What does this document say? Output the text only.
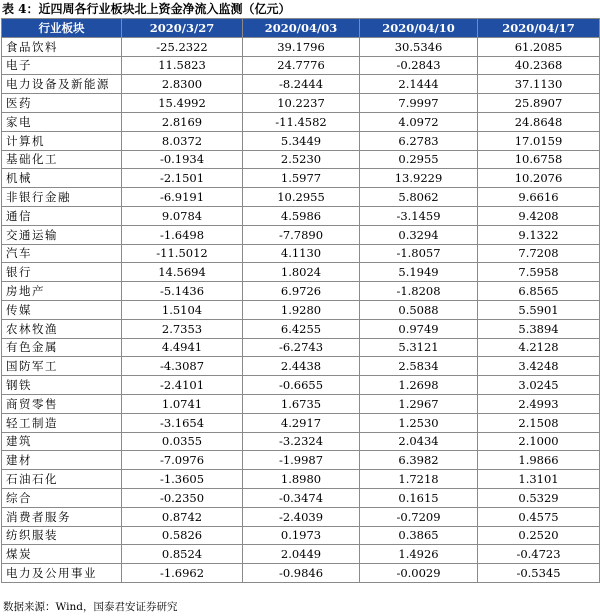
表 4：近四周各行业板块北上资金净流入监测（亿元）
行业板块	2020/3/27	2020/04/03	2020/04/10	2020/04/17
食品饮料	-25.2322	39.1796	30.5346	61.2085
电子	11.5823	24.7776	-0.2843	40.2368
电力设备及新能源	2.8300	-8.2444	2.1444	37.1130
医药	15.4992	10.2237	7.9997	25.8907
家电	2.8169	-11.4582	4.0972	24.8648
计算机	8.0372	5.3449	6.2783	17.0159
基础化工	-0.1934	2.5230	0.2955	10.6758
机械	-2.1501	1.5977	13.9229	10.2076
非银行金融	-6.9191	10.2955	5.8062	9.6616
通信	9.0784	4.5986	-3.1459	9.4208
交通运输	-1.6498	-7.7890	0.3294	9.1322
汽车	-11.5012	4.1130	-1.8057	7.7208
银行	14.5694	1.8024	5.1949	7.5958
房地产	-5.1436	6.9726	-1.8208	6.8565
传媒	1.5104	1.9280	0.5088	5.5901
农林牧渔	2.7353	6.4255	0.9749	5.3894
有色金属	4.4941	-6.2743	5.3121	4.2128
国防军工	-4.3087	2.4438	2.5834	3.4248
钢铁	-2.4101	-0.6655	1.2698	3.0245
商贸零售	1.0741	1.6735	1.2967	2.4993
轻工制造	-3.1654	4.2917	1.2530	2.1508
建筑	0.0355	-3.2324	2.0434	2.1000
建材	-7.0976	-1.9987	6.3982	1.9866
石油石化	-1.3605	1.8980	1.7218	1.3101
综合	-0.2350	-0.3474	0.1615	0.5329
消费者服务	0.8742	-2.4039	-0.7209	0.4575
纺织服装	0.5826	0.1973	0.3865	0.2520
煤炭	0.8524	2.0449	1.4926	-0.4723
电力及公用事业	-1.6962	-0.9846	-0.0029	-0.5345
数据来源：Wind，国泰君安证券研究
